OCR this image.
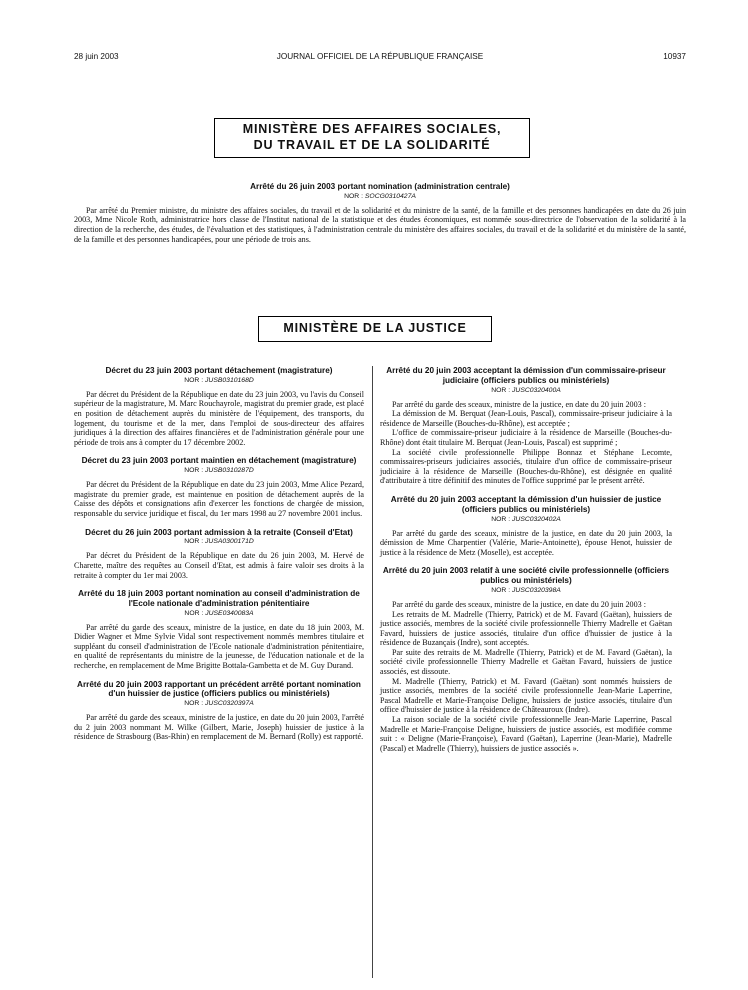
28 juin 2003	JOURNAL OFFICIEL DE LA RÉPUBLIQUE FRANÇAISE	10937
MINISTÈRE DES AFFAIRES SOCIALES,
DU TRAVAIL ET DE LA SOLIDARITÉ
Arrêté du 26 juin 2003 portant nomination (administration centrale)
NOR : SOCG0310427A

Par arrêté du Premier ministre, du ministre des affaires sociales, du travail et de la solidarité et du ministre de la santé, de la famille et des personnes handicapées en date du 26 juin 2003, Mme Nicole Roth, administratrice hors classe de l'Institut national de la statistique et des études économiques, est nommée sous-directrice de l'observation de la solidarité à la direction de la recherche, des études, de l'évaluation et des statistiques, à l'administration centrale du ministère des affaires sociales, du travail et de la solidarité et du ministère de la santé, de la famille et des personnes handicapées, pour une période de trois ans.

MINISTÈRE DE LA JUSTICE
Décret du 23 juin 2003 portant détachement (magistrature)
NOR : JUSB0310168D

Par décret du Président de la République en date du 23 juin 2003, vu l'avis du Conseil supérieur de la magistrature, M. Marc Rouchayrole, magistrat du premier grade, est placé en position de détachement auprès du ministère de l'équipement, des transports, du logement, du tourisme et de la mer, dans l'emploi de sous-directeur des affaires juridiques à la direction des affaires financières et de l'administration générale pour une période de trois ans à compter du 17 décembre 2002.

Décret du 23 juin 2003 portant maintien en détachement (magistrature)
NOR : JUSB0310287D

Par décret du Président de la République en date du 23 juin 2003, Mme Alice Pezard, magistrate du premier grade, est maintenue en position de détachement auprès de la Caisse des dépôts et consignations afin d'exercer les fonctions de chargée de mission, responsable du service juridique et fiscal, du 1er mars 1998 au 27 novembre 2001 inclus.

Décret du 26 juin 2003 portant admission à la retraite (Conseil d'Etat)
NOR : JUSA0300171D

Par décret du Président de la République en date du 26 juin 2003, M. Hervé de Charette, maître des requêtes au Conseil d'Etat, est admis à faire valoir ses droits à la retraite à compter du 1er mai 2003.

Arrêté du 18 juin 2003 portant nomination au conseil d'administration de l'Ecole nationale d'administration pénitentiaire
NOR : JUSE0340083A

Par arrêté du garde des sceaux, ministre de la justice, en date du 18 juin 2003, M. Didier Wagner et Mme Sylvie Vidal sont respectivement nommés membres titulaire et suppléant du conseil d'administration de l'Ecole nationale d'administration pénitentiaire, en qualité de représentants du ministre de la jeunesse, de l'éducation nationale et de la recherche, en remplacement de Mme Brigitte Bottala-Gambetta et de M. Guy Durand.

Arrêté du 20 juin 2003 rapportant un précédent arrêté portant nomination d'un huissier de justice (officiers publics ou ministériels)
NOR : JUSC0320397A

Par arrêté du garde des sceaux, ministre de la justice, en date du 20 juin 2003, l'arrêté du 2 juin 2003 nommant M. Wilke (Gilbert, Marie, Joseph) huissier de justice à la résidence de Strasbourg (Bas-Rhin) en remplacement de M. Bernard (Rolly) est rapporté.

Arrêté du 20 juin 2003 acceptant la démission d'un commissaire-priseur judiciaire (officiers publics ou ministériels)
NOR : JUSC0320400A

Par arrêté du garde des sceaux, ministre de la justice, en date du 20 juin 2003 :

La démission de M. Berquat (Jean-Louis, Pascal), commissaire-priseur judiciaire à la résidence de Marseille (Bouches-du-Rhône), est acceptée ;

L'office de commissaire-priseur judiciaire à la résidence de Marseille (Bouches-du-Rhône) dont était titulaire M. Berquat (Jean-Louis, Pascal) est supprimé ;

La société civile professionnelle Philippe Bonnaz et Stéphane Lecomte, commissaires-priseurs judiciaires associés, titulaire d'un office de commissaire-priseur judiciaire à la résidence de Marseille (Bouches-du-Rhône), est désignée en qualité d'attributaire à titre définitif des minutes de l'office supprimé par le présent arrêté.

Arrêté du 20 juin 2003 acceptant la démission d'un huissier de justice (officiers publics ou ministériels)
NOR : JUSC0320402A

Par arrêté du garde des sceaux, ministre de la justice, en date du 20 juin 2003, la démission de Mme Charpentier (Valérie, Marie-Antoinette), épouse Henot, huissier de justice à la résidence de Metz (Moselle), est acceptée.

Arrêté du 20 juin 2003 relatif à une société civile professionnelle (officiers publics ou ministériels)
NOR : JUSC0320398A

Par arrêté du garde des sceaux, ministre de la justice, en date du 20 juin 2003 :

Les retraits de M. Madrelle (Thierry, Patrick) et de M. Favard (Gaëtan), huissiers de justice associés, membres de la société civile professionnelle Thierry Madrelle et Gaëtan Favard, huissiers de justice associés, titulaire d'un office d'huissier de justice à la résidence de Buzançais (Indre), sont acceptés.

Par suite des retraits de M. Madrelle (Thierry, Patrick) et de M. Favard (Gaëtan), la société civile professionnelle Thierry Madrelle et Gaëtan Favard, huissiers de justice associés, est dissoute.

M. Madrelle (Thierry, Patrick) et M. Favard (Gaëtan) sont nommés huissiers de justice associés, membres de la société civile professionnelle Jean-Marie Laperrine, Pascal Madrelle et Marie-Françoise Deligne, huissiers de justice associés, titulaire d'un office d'huissier de justice à la résidence de Châteauroux (Indre).

La raison sociale de la société civile professionnelle Jean-Marie Laperrine, Pascal Madrelle et Marie-Françoise Deligne, huissiers de justice associés, est modifiée comme suit : « Deligne (Marie-Françoise), Favard (Gaëtan), Laperrine (Jean-Marie), Madrelle (Pascal) et Madrelle (Thierry), huissiers de justice associés ».
